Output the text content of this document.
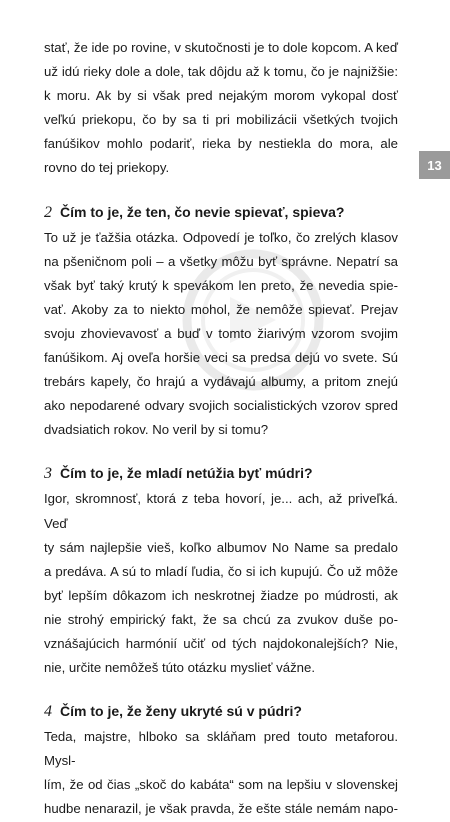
13

stať, že ide po rovine, v skutočnosti je to dole kopcom. A keď

už idú rieky dole a dole, tak dôjdu až k tomu, čo je najnižšie:

k moru. Ak by si však pred nejakým morom vykopal dosť

veľkú priekopu, čo by sa ti pri mobilizácii všetkých tvojich

fanúšikov mohlo podariť, rieka by nestiekla do mora, ale

rovno do tej priekopy.

2 Čím to je, že ten, čo nevie spievať, spieva?

To už je ťažšia otázka. Odpovedí je toľko, čo zrelých klasov

na pšeničnom poli – a všetky môžu byť správne. Nepatrí sa

však byť taký krutý k spevákom len preto, že nevedia spie-

vať. Akoby za to niekto mohol, že nemôže spievať. Prejav

svoju zhovievavosť a buď v tomto žiarivým vzorom svojim

fanúšikom. Aj oveľa horšie veci sa predsa dejú vo svete. Sú

trebárs kapely, čo hrajú a vydávajú albumy, a pritom znejú

ako nepodarené odvary svojich socialistických vzorov spred

dvadsiatich rokov. No veril by si tomu?

3 Čím to je, že mladí netúžia byť múdri?

Igor, skromnosť, ktorá z teba hovorí, je... ach, až priveľká. Veď

ty sám najlepšie vieš, koľko albumov No Name sa predalo

a predáva. A sú to mladí ľudia, čo si ich kupujú. Čo už môže

byť lepším dôkazom ich neskrotnej žiadze po múdrosti, ak

nie strohý empirický fakt, že sa chcú za zvukov duše po-

vznášajúcich harmónií učiť od tých najdokonalejších? Nie,

nie, určite nemôžeš túto otázku myslieť vážne.

4 Čím to je, že ženy ukryté sú v púdri?

Teda, majstre, hlboko sa skláňam pred touto metaforou. Mysl-

lím, že od čias „skoč do kabáta“ som na lepšiu v slovenskej

hudbe nenarazil, je však pravda, že ešte stále nemám napo-
